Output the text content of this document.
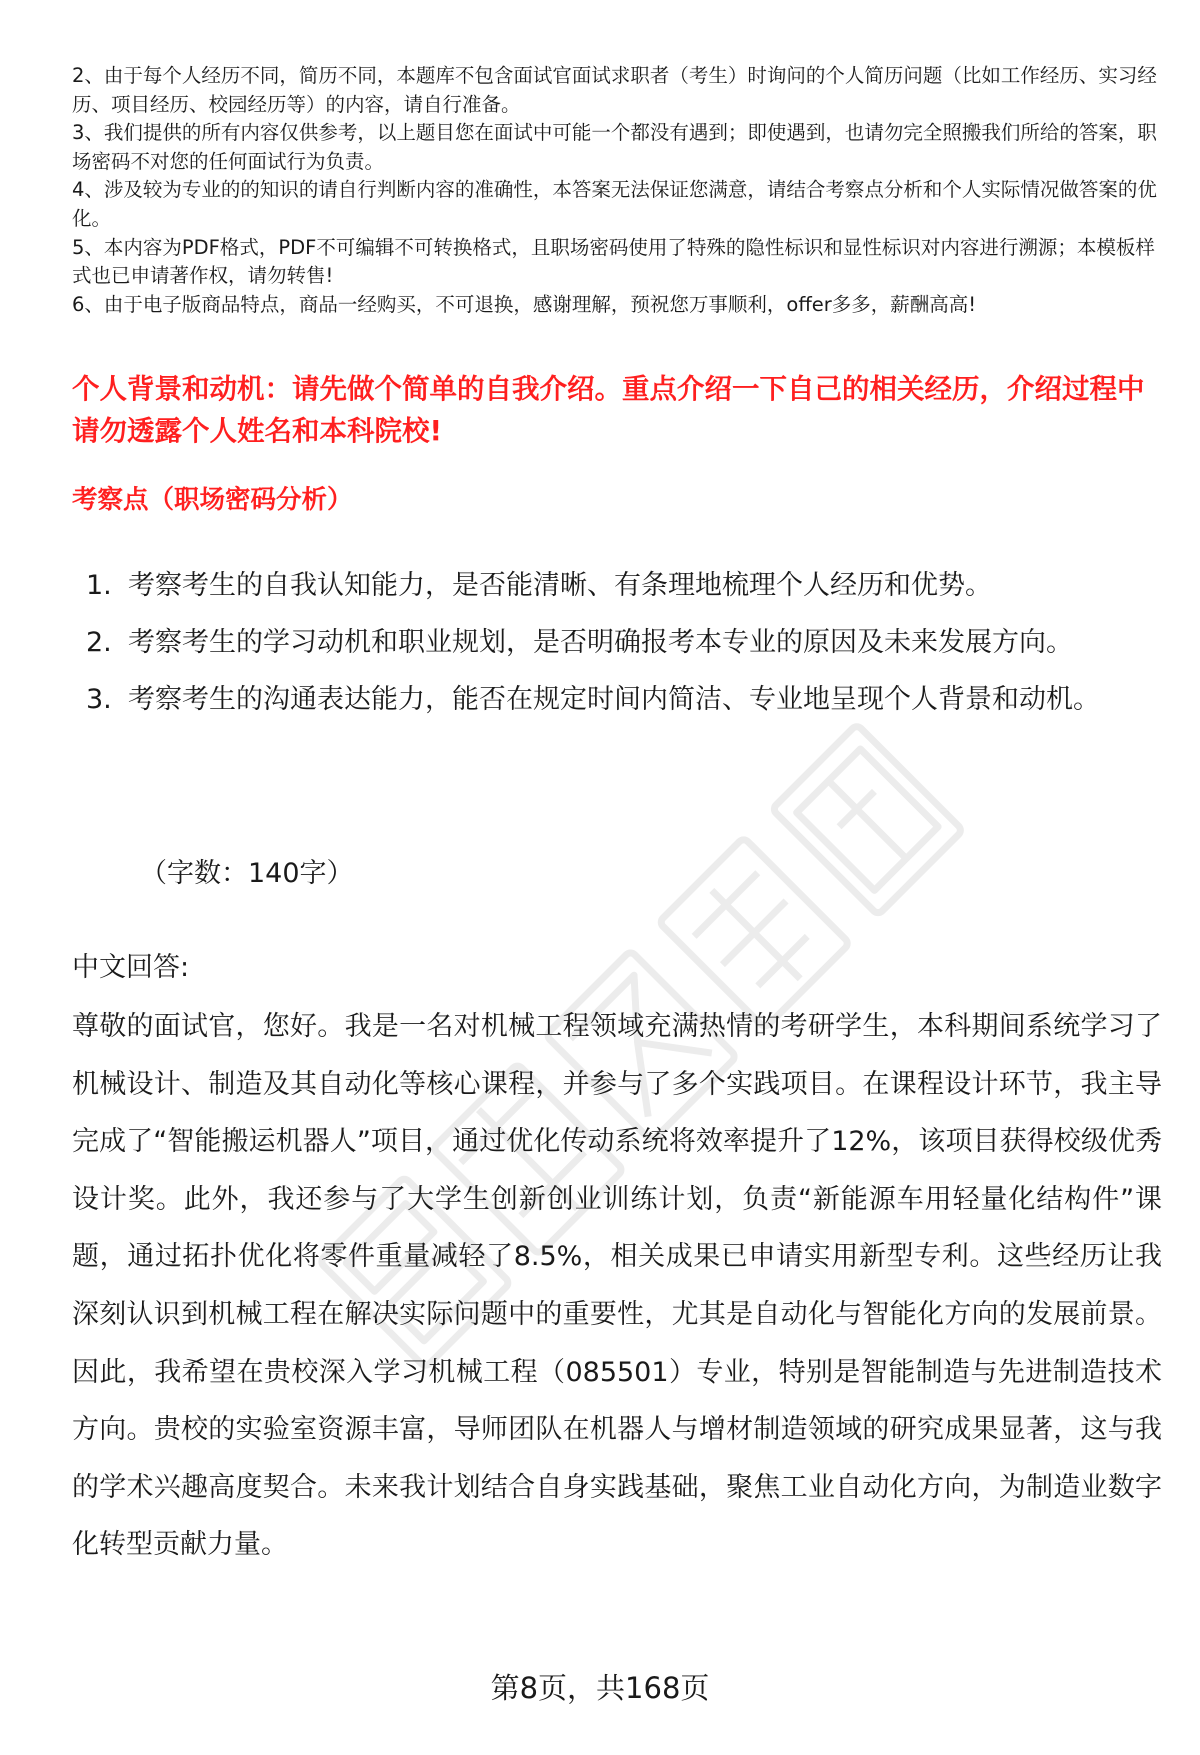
2、由于每个人经历不同，简历不同，本题库不包含面试官面试求职者（考生）时询问的个人简历问题（比如工作经历、实习经历、项目经历、校园经历等）的内容，请自行准备。

3、我们提供的所有内容仅供参考，以上题目您在面试中可能一个都没有遇到；即使遇到，也请勿完全照搬我们所给的答案，职场密码不对您的任何面试行为负责。

4、涉及较为专业的的知识的请自行判断内容的准确性，本答案无法保证您满意，请结合考察点分析和个人实际情况做答案的优化。

5、本内容为PDF格式，PDF不可编辑不可转换格式，且职场密码使用了特殊的隐性标识和显性标识对内容进行溯源；本模板样式也已申请著作权，请勿转售!

6、由于电子版商品特点，商品一经购买，不可退换，感谢理解，预祝您万事顺利，offer多多，薪酬高高!

个人背景和动机：请先做个简单的自我介绍。重点介绍一下自己的相关经历，介绍过程中请勿透露个人姓名和本科院校!
考察点（职场密码分析）
1. 考察考生的自我认知能力，是否能清晰、有条理地梳理个人经历和优势。
2. 考察考生的学习动机和职业规划，是否明确报考本专业的原因及未来发展方向。
3. 考察考生的沟通表达能力，能否在规定时间内简洁、专业地呈现个人背景和动机。

（字数：140字）

中文回答:

尊敬的面试官，您好。我是一名对机械工程领域充满热情的考研学生，本科期间系统学习了机械设计、制造及其自动化等核心课程，并参与了多个实践项目。在课程设计环节，我主导完成了“智能搬运机器人”项目，通过优化传动系统将效率提升了12%，该项目获得校级优秀设计奖。此外，我还参与了大学生创新创业训练计划，负责“新能源车用轻量化结构件”课题，通过拓扑优化将零件重量减轻了8.5%，相关成果已申请实用新型专利。这些经历让我深刻认识到机械工程在解决实际问题中的重要性，尤其是自动化与智能化方向的发展前景。因此，我希望在贵校深入学习机械工程（085501）专业，特别是智能制造与先进制造技术方向。贵校的实验室资源丰富，导师团队在机器人与增材制造领域的研究成果显著，这与我的学术兴趣高度契合。未来我计划结合自身实践基础，聚焦工业自动化方向，为制造业数字化转型贡献力量。

第8页，共168页
